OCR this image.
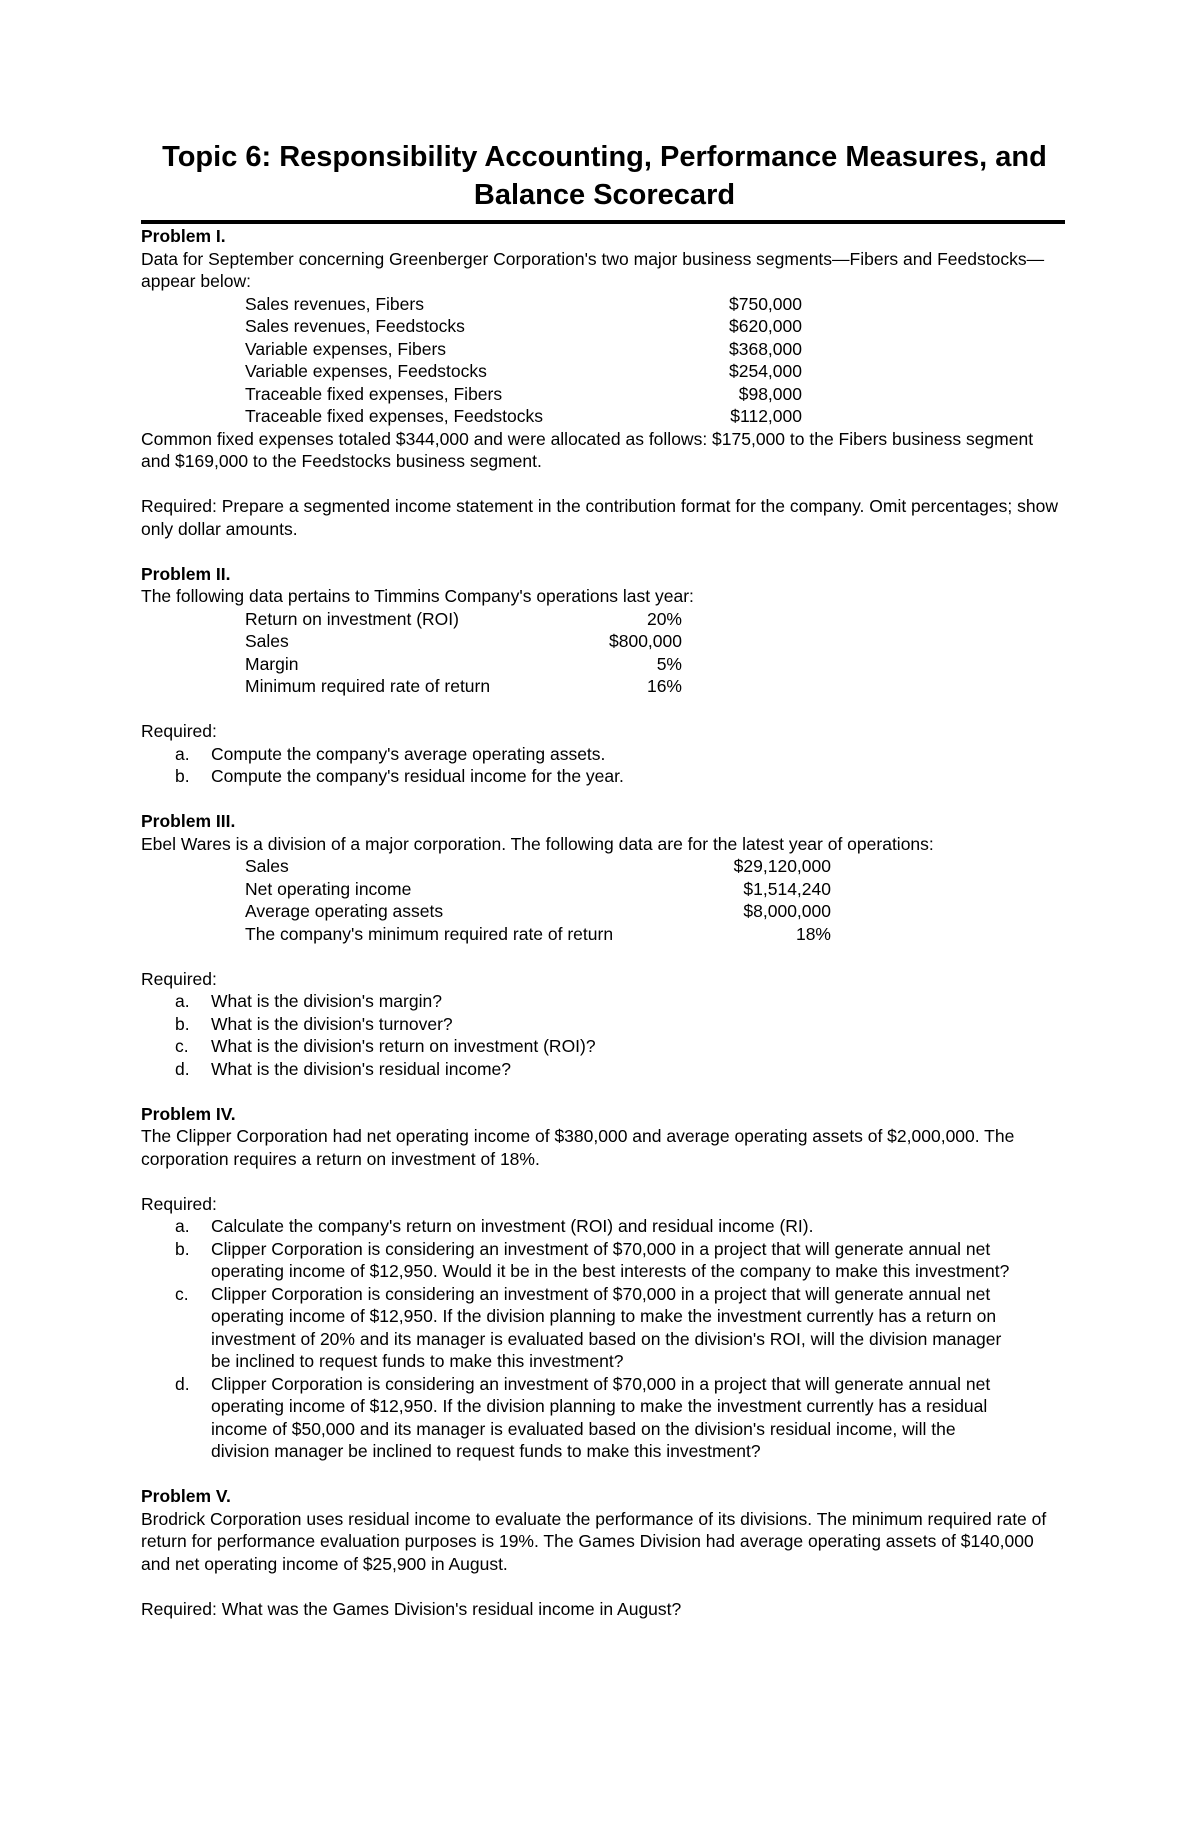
Topic 6: Responsibility Accounting, Performance Measures, and
Balance Scorecard

Problem I.

Data for September concerning Greenberger Corporation's two major business segments—Fibers and Feedstocks—appear below:

Sales revenues, Fibers	$750,000
Sales revenues, Feedstocks	$620,000
Variable expenses, Fibers	$368,000
Variable expenses, Feedstocks	$254,000
Traceable fixed expenses, Fibers	$98,000
Traceable fixed expenses, Feedstocks	$112,000

Common fixed expenses totaled $344,000 and were allocated as follows: $175,000 to the Fibers business segment and $169,000 to the Feedstocks business segment.

Required: Prepare a segmented income statement in the contribution format for the company. Omit percentages; show only dollar amounts.

Problem II.

The following data pertains to Timmins Company's operations last year:

Return on investment (ROI)	20%
Sales	$800,000
Margin	5%
Minimum required rate of return	16%

Required:

a. Compute the company's average operating assets.
b. Compute the company's residual income for the year.

Problem III.

Ebel Wares is a division of a major corporation. The following data are for the latest year of operations:

Sales	$29,120,000
Net operating income	$1,514,240
Average operating assets	$8,000,000
The company's minimum required rate of return	18%

Required:

a. What is the division's margin?
b. What is the division's turnover?
c. What is the division's return on investment (ROI)?
d. What is the division's residual income?

Problem IV.

The Clipper Corporation had net operating income of $380,000 and average operating assets of $2,000,000. The corporation requires a return on investment of 18%.

Required:

a. Calculate the company's return on investment (ROI) and residual income (RI).
b. Clipper Corporation is considering an investment of $70,000 in a project that will generate annual net operating income of $12,950. Would it be in the best interests of the company to make this investment?
c. Clipper Corporation is considering an investment of $70,000 in a project that will generate annual net operating income of $12,950. If the division planning to make the investment currently has a return on investment of 20% and its manager is evaluated based on the division's ROI, will the division manager be inclined to request funds to make this investment?
d. Clipper Corporation is considering an investment of $70,000 in a project that will generate annual net operating income of $12,950. If the division planning to make the investment currently has a residual income of $50,000 and its manager is evaluated based on the division's residual income, will the division manager be inclined to request funds to make this investment?

Problem V.

Brodrick Corporation uses residual income to evaluate the performance of its divisions. The minimum required rate of return for performance evaluation purposes is 19%. The Games Division had average operating assets of $140,000 and net operating income of $25,900 in August.

Required: What was the Games Division's residual income in August?
